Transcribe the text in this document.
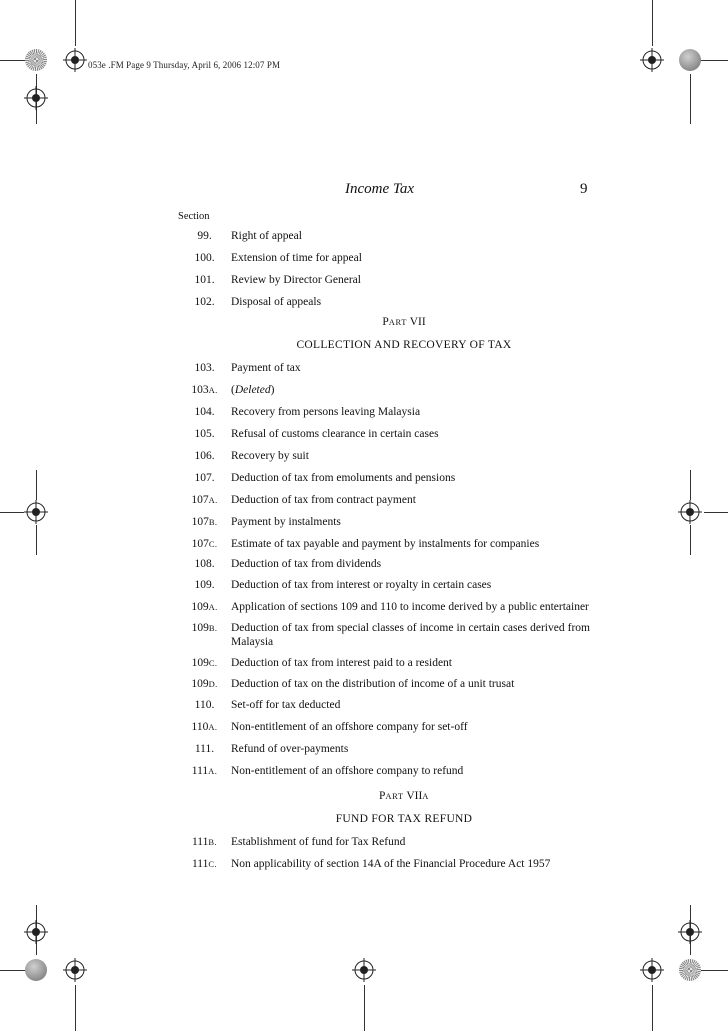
053e .FM Page 9 Thursday, April 6, 2006 12:07 PM
Income Tax	9
Section
99.	Right of appeal
100.	Extension of time for appeal
101.	Review by Director General
102.	Disposal of appeals
PART VII
COLLECTION AND RECOVERY OF TAX
103.	Payment of tax
103A.	(Deleted)
104.	Recovery from persons leaving Malaysia
105.	Refusal of customs clearance in certain cases
106.	Recovery by suit
107.	Deduction of tax from emoluments and pensions
107A.	Deduction of tax from contract payment
107B.	Payment by instalments
107C.	Estimate of tax payable and payment by instalments for companies
108.	Deduction of tax from dividends
109.	Deduction of tax from interest or royalty in certain cases
109A.	Application of sections 109 and 110 to income derived by a public entertainer
109B.	Deduction of tax from special classes of income in certain cases derived from Malaysia
109C.	Deduction of tax from interest paid to a resident
109D.	Deduction of tax on the distribution of income of a unit trusat
110.	Set-off for tax deducted
110A.	Non-entitlement of an offshore company for set-off
111.	Refund of over-payments
111A.	Non-entitlement of an offshore company to refund
PART VIIA
FUND FOR TAX REFUND
111B.	Establishment of fund for Tax Refund
111C.	Non applicability of section 14A of the Financial Procedure Act 1957
